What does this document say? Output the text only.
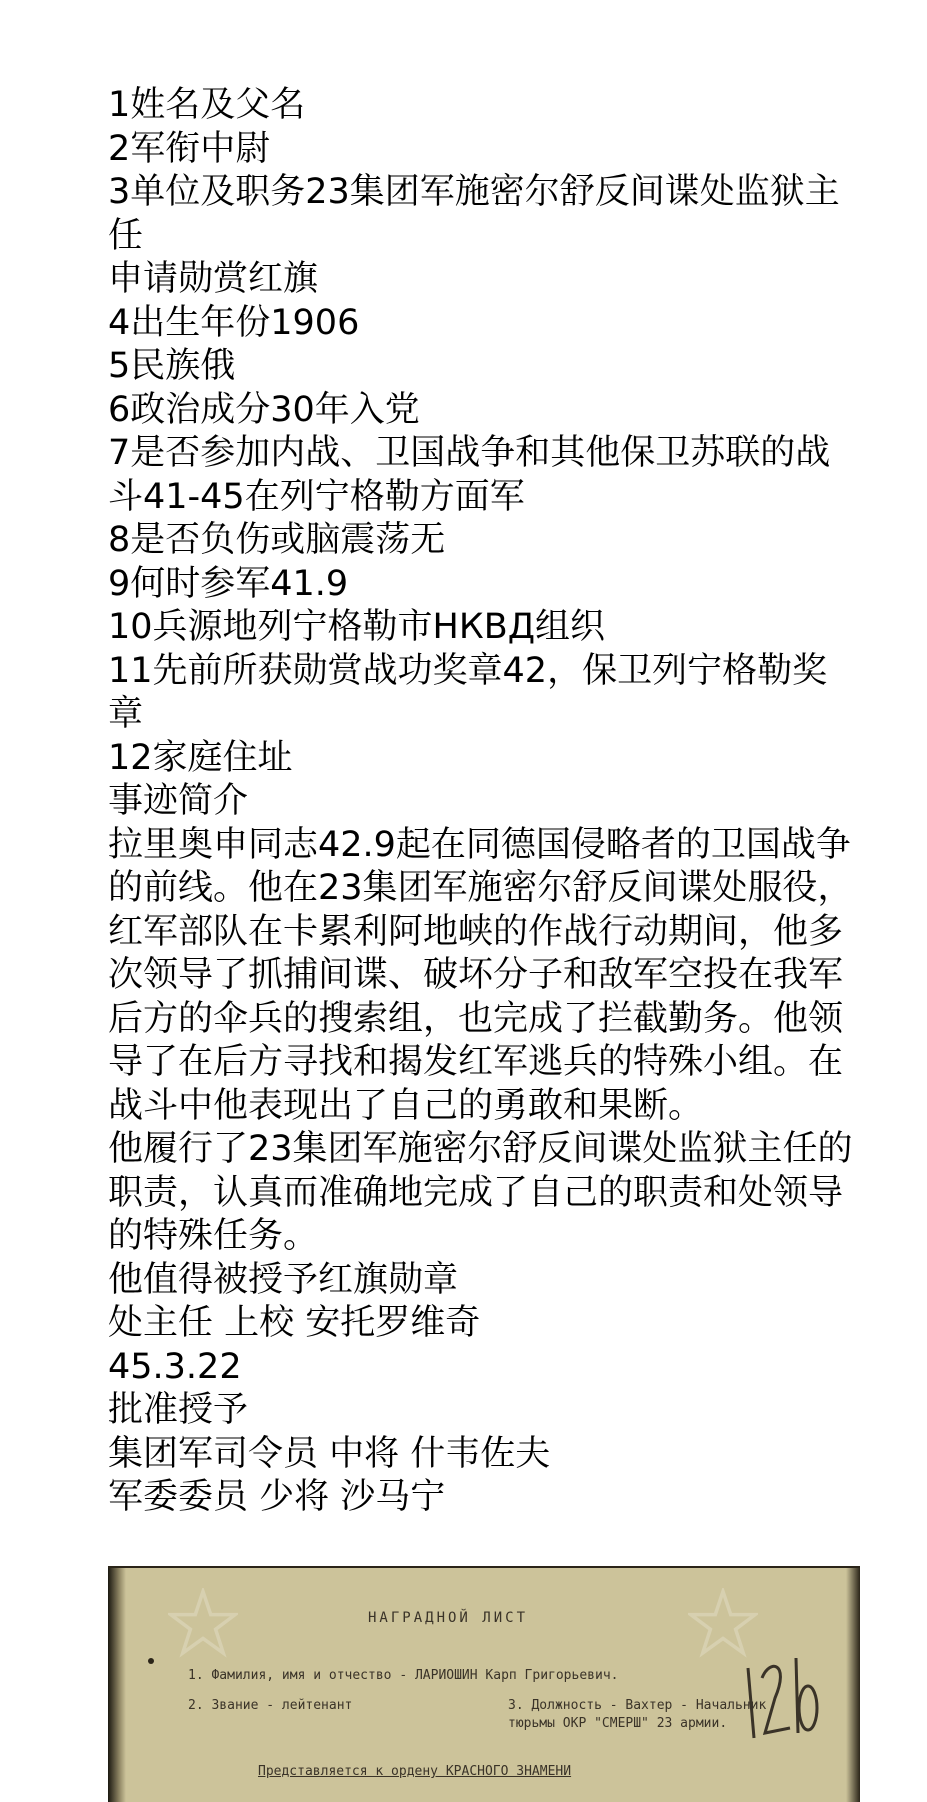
1姓名及父名

2军衔中尉

3单位及职务23集团军施密尔舒反间谍处监狱主任

申请勋赏红旗

4出生年份1906

5民族俄

6政治成分30年入党

7是否参加内战、卫国战争和其他保卫苏联的战斗41-45在列宁格勒方面军

8是否负伤或脑震荡无

9何时参军41.9

10兵源地列宁格勒市НКВД组织

11先前所获勋赏战功奖章42，保卫列宁格勒奖章

12家庭住址

事迹简介

拉里奥申同志42.9起在同德国侵略者的卫国战争的前线。他在23集团军施密尔舒反间谍处服役，红军部队在卡累利阿地峡的作战行动期间，他多次领导了抓捕间谍、破坏分子和敌军空投在我军后方的伞兵的搜索组，也完成了拦截勤务。他领导了在后方寻找和揭发红军逃兵的特殊小组。在战斗中他表现出了自己的勇敢和果断。

他履行了23集团军施密尔舒反间谍处监狱主任的职责，认真而准确地完成了自己的职责和处领导的特殊任务。

他值得被授予红旗勋章

处主任 上校 安托罗维奇

45.3.22

批准授予

集团军司令员 中将 什韦佐夫

军委委员 少将 沙马宁

НАГРАДНОЙ ЛИСТ
1. Фамилия, имя и отчество - ЛАРИОШИН Карп Григорьевич.
2. Звание - лейтенант	3. Должность - Вахтер - Начальник
тюрьмы ОКР "СМЕРШ" 23 армии.
Представляется к ордену КРАСНОГО ЗНАМЕНИ
